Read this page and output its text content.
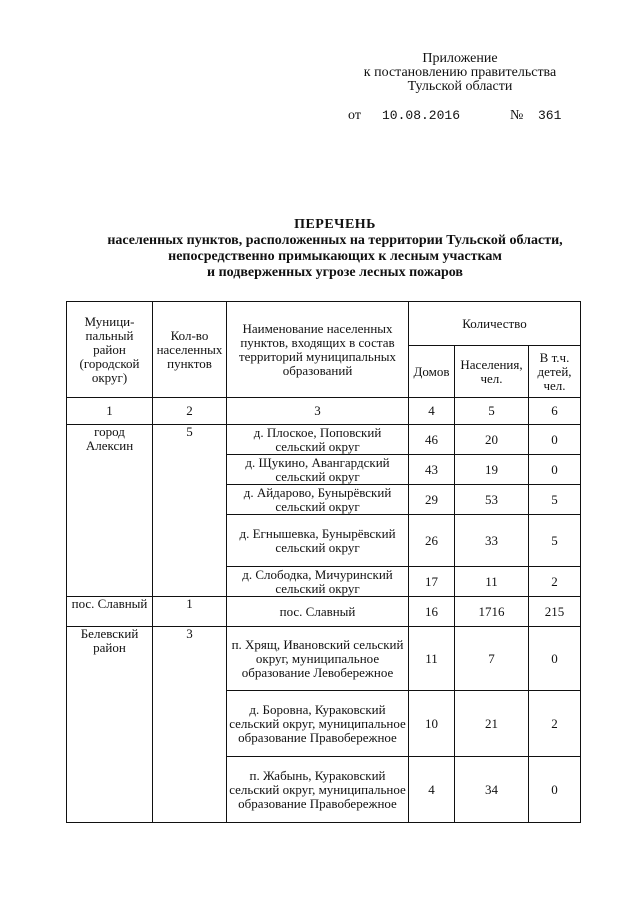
Приложение
к постановлению правительства
Тульской области
от 10.08.2016	№ 361
ПЕРЕЧЕНЬ
населенных пунктов, расположенных на территории Тульской области,
непосредственно примыкающих к лесным участкам
и подверженных угрозе лесных пожаров
Муници-пальный район (городской округ)	Кол-во населенных пунктов	Наименование населенных пунктов, входящих в состав территорий муниципальных образований	Количество		
			Домов	Населения, чел.	В т.ч. детей, чел.
1	2	3	4	5	6
город Алексин	5	д. Плоское, Поповский сельский округ	46	20	0
		д. Щукино, Авангардский сельский округ	43	19	0
		д. Айдарово, Бунырёвский сельский округ	29	53	5
		д. Егнышевка, Бунырёвский сельский округ	26	33	5
		д. Слободка, Мичуринский сельский округ	17	11	2
пос. Славный	1	пос. Славный	16	1716	215
Белевский район	3	п. Хрящ, Ивановский сельский округ, муниципальное образование Левобережное	11	7	0
		д. Боровна, Кураковский сельский округ, муниципальное образование Правобережное	10	21	2
		п. Жабынь, Кураковский сельский округ, муниципальное образование Правобережное	4	34	0
